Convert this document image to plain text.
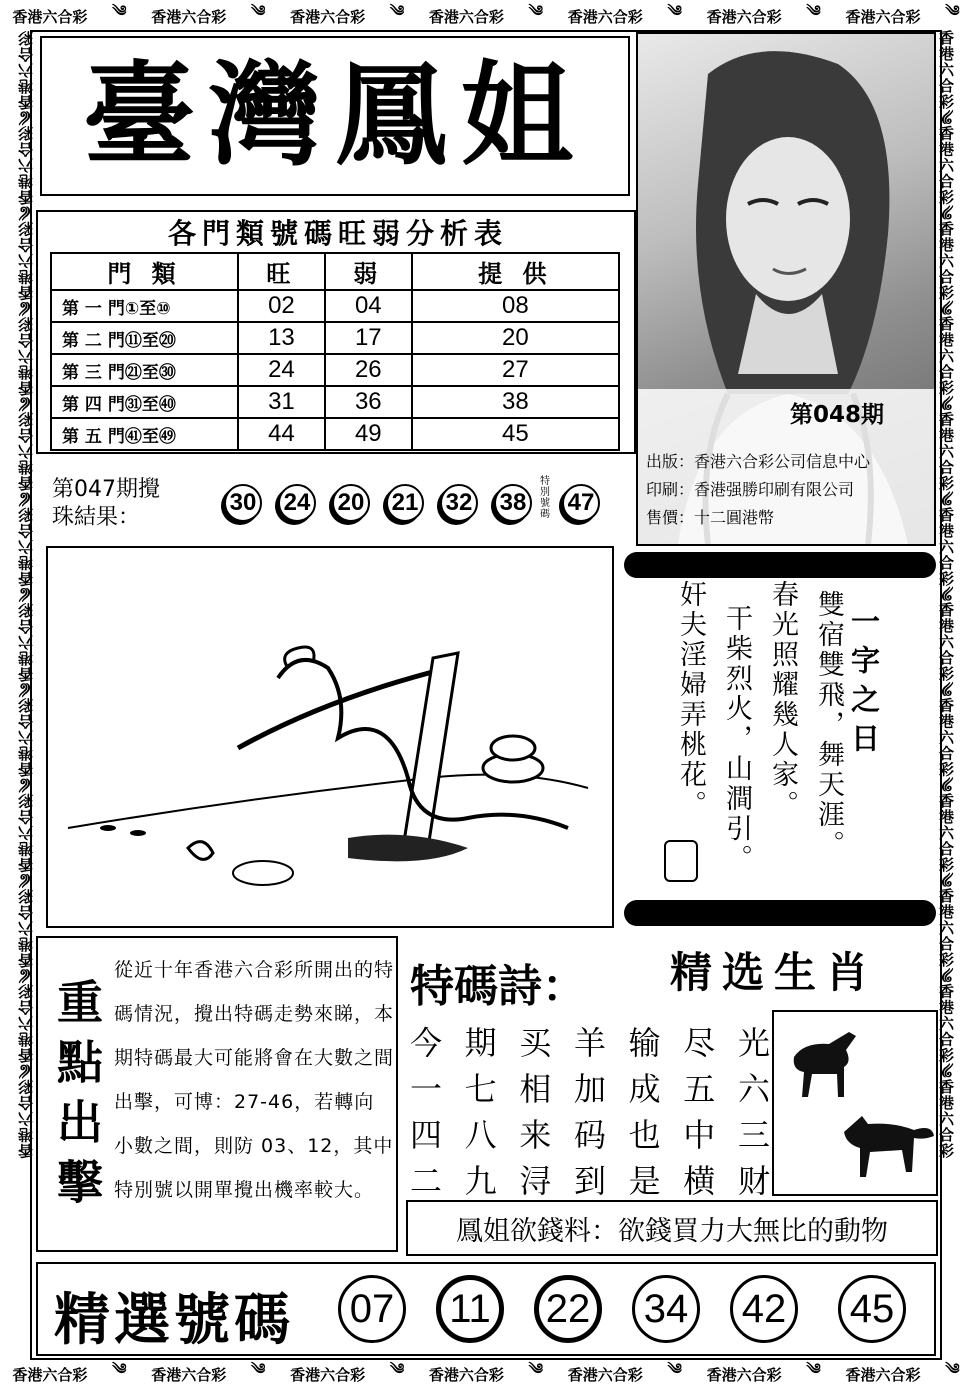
香港六合彩 ༄ 香港六合彩 ༄ 香港六合彩 ༄ 香港六合彩 ༄ 香港六合彩 ༄ 香港六合彩 ༄ 香港六合彩 ༄
香港六合彩 ༄ 香港六合彩 ༄ 香港六合彩 ༄ 香港六合彩 ༄ 香港六合彩 ༄ 香港六合彩 ༄ 香港六合彩 ༄
香港六合彩༄香港六合彩༄香港六合彩༄香港六合彩༄香港六合彩༄香港六合彩༄香港六合彩༄香港六合彩༄香港六合彩༄香港六合彩༄香港六合彩༄香港六合彩	香港六合彩༄香港六合彩༄香港六合彩༄香港六合彩༄香港六合彩༄香港六合彩༄香港六合彩༄香港六合彩༄香港六合彩༄香港六合彩༄香港六合彩༄香港六合彩
臺灣鳳姐
各門類號碼旺弱分析表
門 類	旺	弱	提 供
第 一 門①至⑩	02	04	08
第 二 門⑪至⑳	13	17	20
第 三 門㉑至㉚	24	26	27
第 四 門㉛至㊵	31	36	38
第 五 門㊶至㊾	44	49	45
第048期
出版：香港六合彩公司信息中心
印刷：香港强勝印刷有限公司
售價：十二圓港幣
第047期攪
珠結果：
30 24 20 21 32 38
特別號碼 47
一字之日
雙宿雙飛，舞天涯。
春光照耀幾人家。
干柴烈火，山澗引。
奸夫淫婦弄桃花。
重點出擊
從近十年香港六合彩所開出的特碼情況，攪出特碼走勢來睇，本期特碼最大可能將會在大數之間出擊，可博：27-46，若轉向小數之間，則防 03、12，其中特別號以開單攪出機率較大。
特碼詩： 精选生肖
今 期 买 羊 输 尽 光
一 七 相 加 成 五 六
四 八 来 码 也 中 三
二 九 浔 到 是 横 财
鳳姐欲錢料：欲錢買力大無比的動物
精選號碼 07	11	22 34 42 45
